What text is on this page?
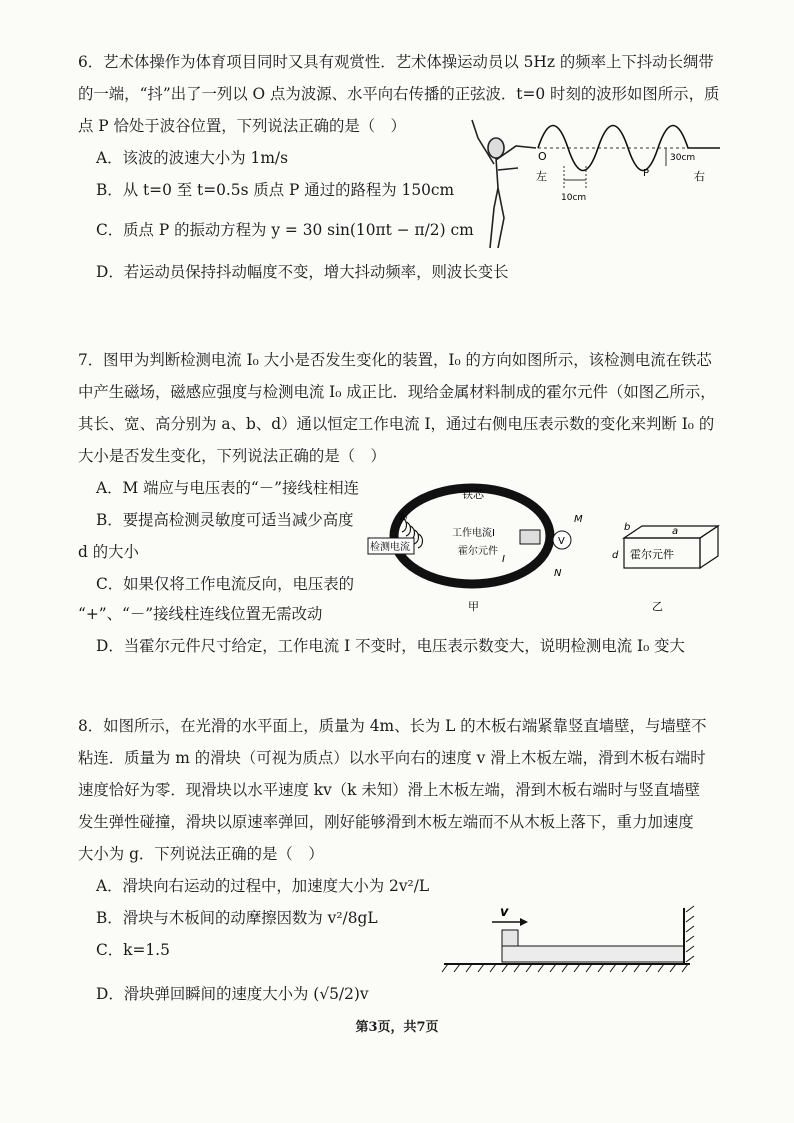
6．艺术体操作为体育项目同时又具有观赏性．艺术体操运动员以 5Hz 的频率上下抖动长绸带
的一端，“抖”出了一列以 O 点为波源、水平向右传播的正弦波．t=0 时刻的波形如图所示，质
点 P 恰处于波谷位置，下列说法正确的是（　）
A．该波的波速大小为 1m/s
B．从 t=0 至 t=0.5s 质点 P 通过的路程为 150cm
C．质点 P 的振动方程为 y = 30 sin(10πt − π/2) cm
D．若运动员保持抖动幅度不变，增大抖动频率，则波长变长
O
P
30cm
10cm
左	右
7．图甲为判断检测电流 I₀ 大小是否发生变化的装置，I₀ 的方向如图所示，该检测电流在铁芯
中产生磁场，磁感应强度与检测电流 I₀ 成正比．现给金属材料制成的霍尔元件（如图乙所示，
其长、宽、高分别为 a、b、d）通以恒定工作电流 I，通过右侧电压表示数的变化来判断 I₀ 的
大小是否发生变化，下列说法正确的是（　）
A．M 端应与电压表的“－”接线柱相连
B．要提高检测灵敏度可适当减少高度
d 的大小
C．如果仅将工作电流反向，电压表的
“+”、“－”接线柱连线位置无需改动
D．当霍尔元件尺寸给定，工作电流 I 不变时，电压表示数变大，说明检测电流 I₀ 变大
铁芯
检测电流
I₀
工作电流I
霍尔元件
V
M
N
I
甲
a
b
d 霍尔元件
乙
8．如图所示，在光滑的水平面上，质量为 4m、长为 L 的木板右端紧靠竖直墙壁，与墙壁不
粘连．质量为 m 的滑块（可视为质点）以水平向右的速度 v 滑上木板左端，滑到木板右端时
速度恰好为零．现滑块以水平速度 kv（k 未知）滑上木板左端，滑到木板右端时与竖直墙壁
发生弹性碰撞，滑块以原速率弹回，刚好能够滑到木板左端而不从木板上落下，重力加速度
大小为 g．下列说法正确的是（　）
A．滑块向右运动的过程中，加速度大小为 2v²/L
B．滑块与木板间的动摩擦因数为 v²/8gL
C．k=1.5
D．滑块弹回瞬间的速度大小为 (√5/2)v
v
第3页，共7页
